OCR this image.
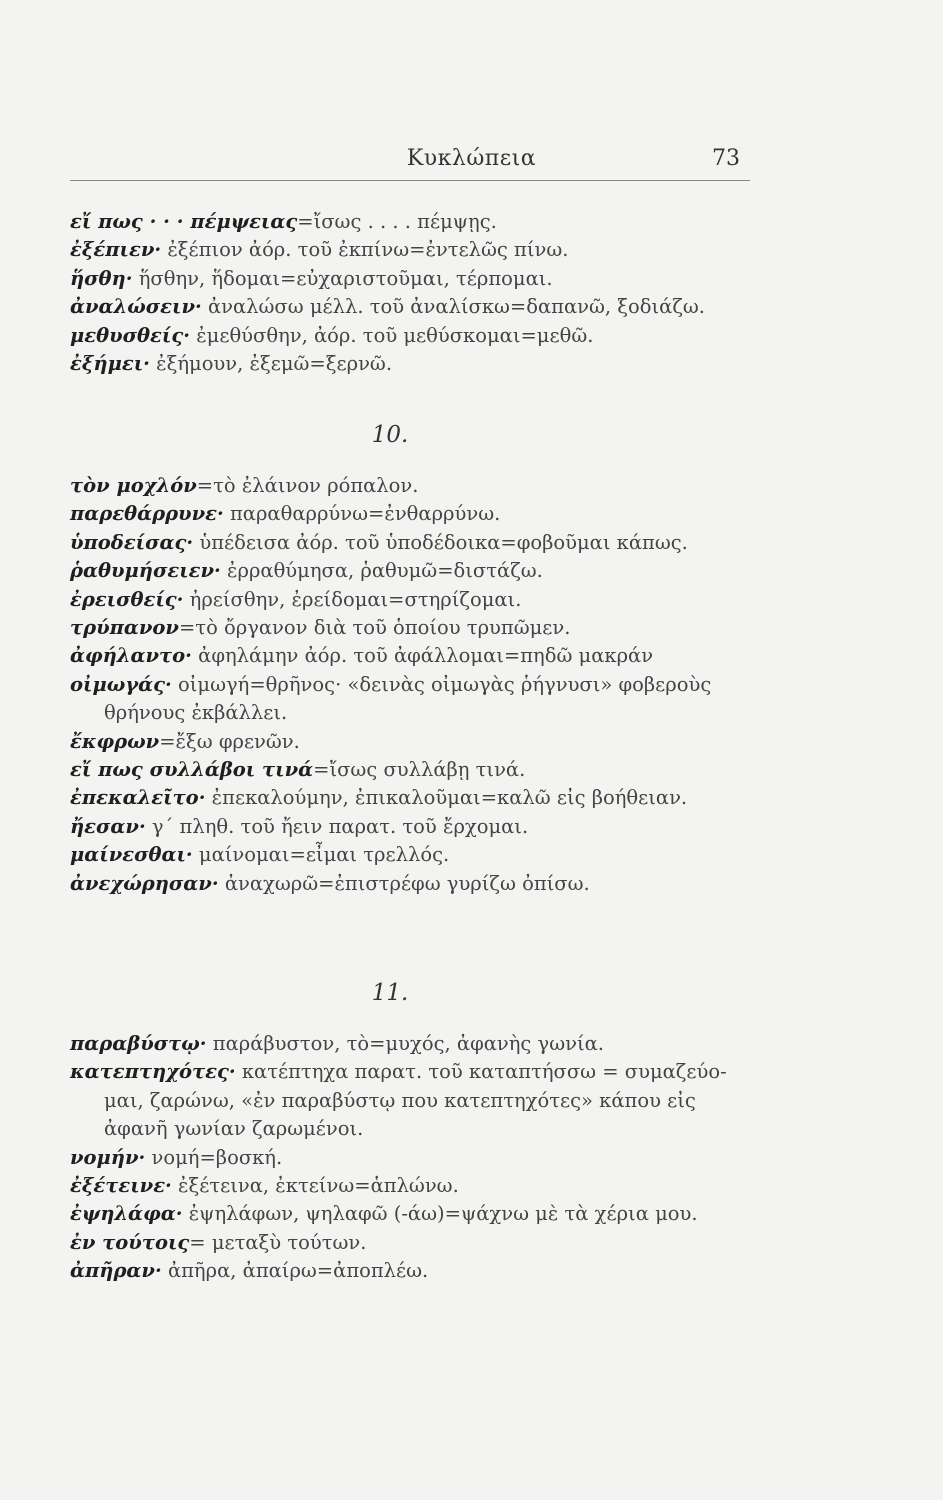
Κυκλώπεια	73
εἴ πως · · · πέμψειας=ἴσως . . . . πέμψῃς.
ἐξέπιεν· ἐξέπιον ἀόρ. τοῦ ἐκπίνω=ἐντελῶς πίνω.
ἥσθη· ἥσθην, ἥδομαι=εὐχαριστοῦμαι, τέρπομαι.
ἀναλώσειν· ἀναλώσω μέλλ. τοῦ ἀναλίσκω=δαπανῶ, ξοδιάζω.
μεθυσθείς· ἐμεθύσθην, ἀόρ. τοῦ μεθύσκομαι=μεθῶ.
ἐξήμει· ἐξήμουν, ἐξεμῶ=ξερνῶ.
10.
τὸν μοχλόν=τὸ ἐλάινον ρόπαλον.
παρεθάρρυνε· παραθαρρύνω=ἐνθαρρύνω.
ὑποδείσας· ὑπέδεισα ἀόρ. τοῦ ὑποδέδοικα=φοβοῦμαι κάπως.
ῥαθυμήσειεν· ἐρραθύμησα, ῥαθυμῶ=διστάζω.
ἐρεισθείς· ἠρείσθην, ἐρείδομαι=στηρίζομαι.
τρύπανον=τὸ ὄργανον διὰ τοῦ ὁποίου τρυπῶμεν.
ἀφήλαντο· ἀφηλάμην ἀόρ. τοῦ ἀφάλλομαι=πηδῶ μακράν
οἰμωγάς· οἰμωγή=θρῆνος· «δεινὰς οἰμωγὰς ῥήγνυσι» φοβεροὺς
θρήνους ἐκβάλλει.
ἔκφρων=ἔξω φρενῶν.
εἴ πως συλλάβοι τινά=ἴσως συλλάβῃ τινά.
ἐπεκαλεῖτο· ἐπεκαλούμην, ἐπικαλοῦμαι=καλῶ εἰς βοήθειαν.
ἤεσαν· γ΄ πληθ. τοῦ ἤειν παρατ. τοῦ ἔρχομαι.
μαίνεσθαι· μαίνομαι=εἶμαι τρελλός.
ἀνεχώρησαν· ἀναχωρῶ=ἐπιστρέφω γυρίζω ὀπίσω.
11.
παραβύστῳ· παράβυστον, τὸ=μυχός, ἀφανὴς γωνία.
κατεπτηχότες· κατέπτηχα παρατ. τοῦ καταπτήσσω = συμαζεύο-
μαι, ζαρώνω, «ἐν παραβύστῳ που κατεπτηχότες» κάπου εἰς
ἀφανῆ γωνίαν ζαρωμένοι.
νομήν· νομή=βοσκή.
ἐξέτεινε· ἐξέτεινα, ἐκτείνω=ἁπλώνω.
ἐψηλάφα· ἐψηλάφων, ψηλαφῶ (-άω)=ψάχνω μὲ τὰ χέρια μου.
ἐν τούτοις= μεταξὺ τούτων.
ἀπῆραν· ἀπῆρα, ἀπαίρω=ἀποπλέω.
